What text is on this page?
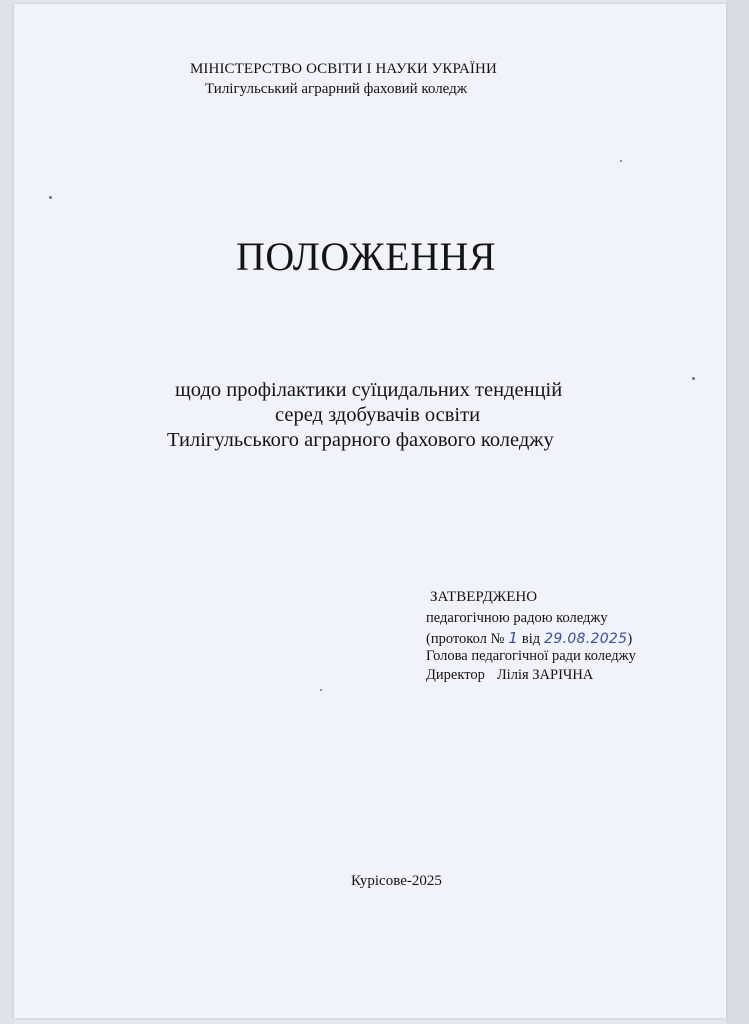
МІНІСТЕРСТВО ОСВІТИ І НАУКИ УКРАЇНИ
Тилігульський аграрний фаховий коледж
ПОЛОЖЕННЯ
щодо профілактики суїцидальних тенденцій
серед здобувачів освіти
Тилігульського аграрного фахового коледжу
ЗАТВЕРДЖЕНО
педагогічною радою коледжу
(протокол № 1 від 29.08.2025)
Голова педагогічної ради коледжу
Директор Лілія ЗАРІЧНА
Курісове-2025
